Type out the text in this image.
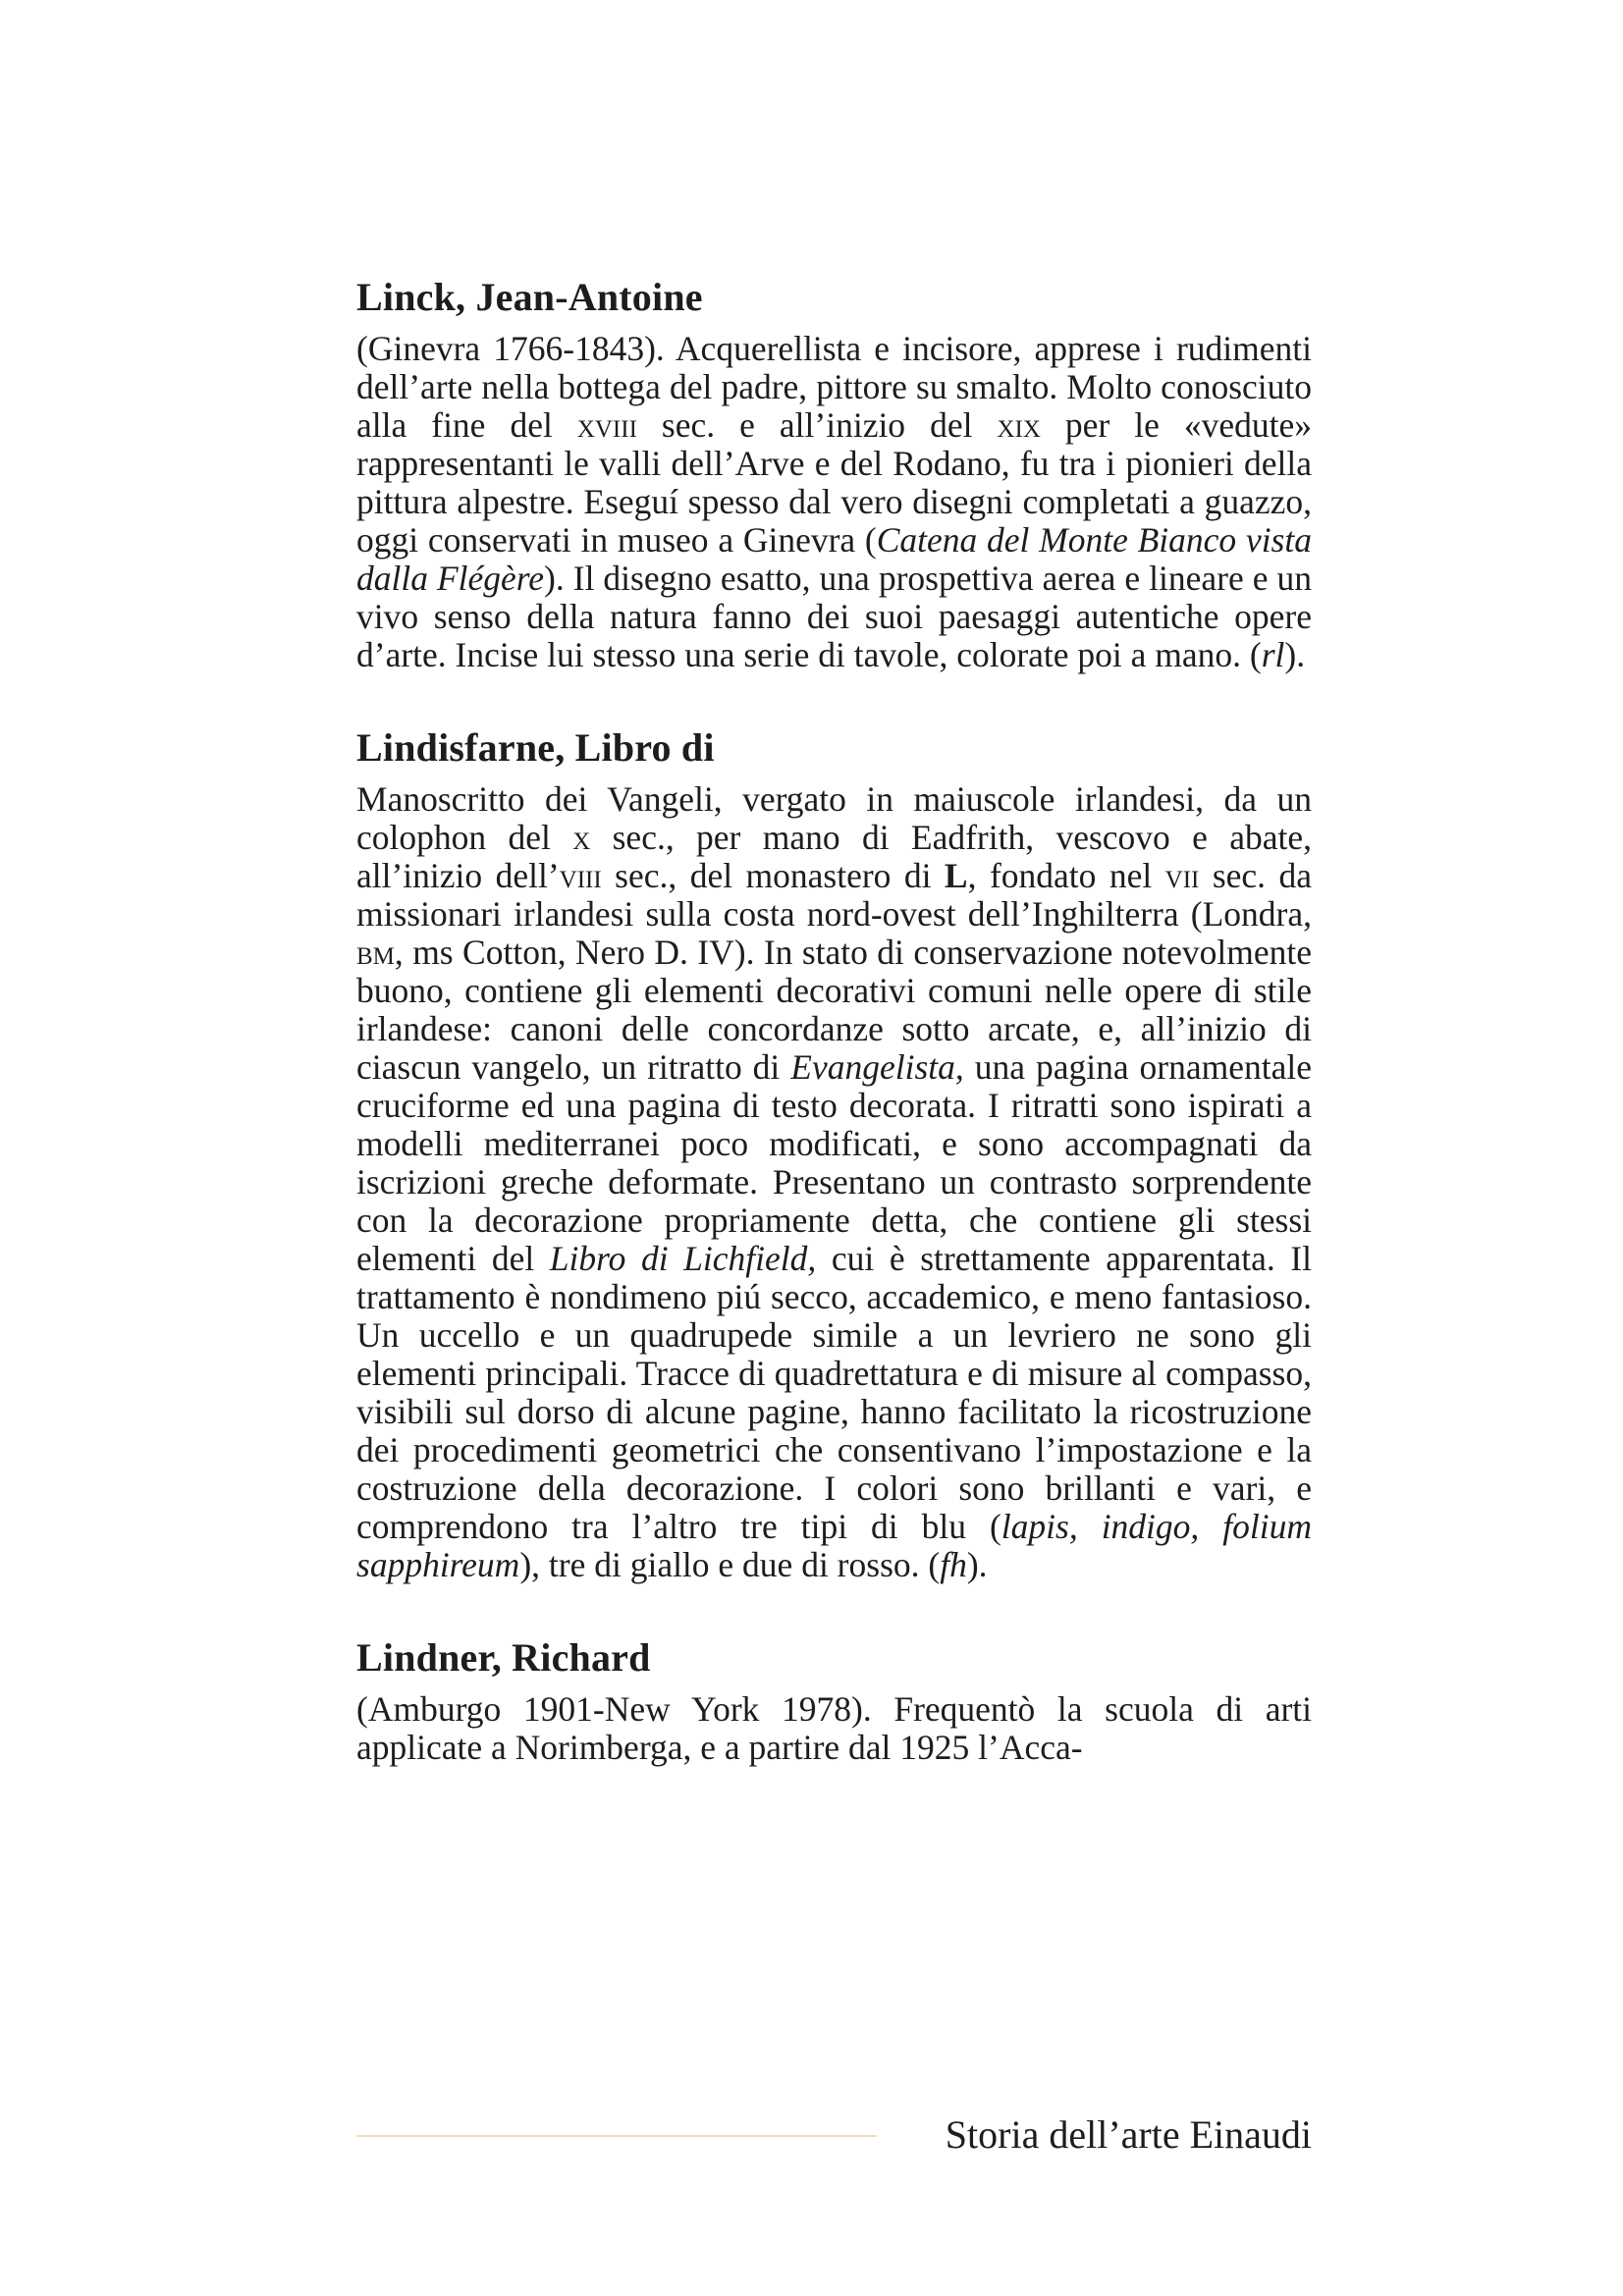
Linck, Jean-Antoine

(Ginevra 1766-1843). Acquerellista e incisore, apprese i rudimenti dell’arte nella bottega del padre, pittore su smalto. Molto conosciuto alla fine del xviii sec. e all’inizio del xix per le «vedute» rappresentanti le valli dell’Arve e del Rodano, fu tra i pionieri della pittura alpestre. Eseguí spesso dal vero disegni completati a guazzo, oggi conservati in museo a Ginevra (Catena del Monte Bianco vista dalla Flégère). Il disegno esatto, una prospettiva aerea e lineare e un vivo senso della natura fanno dei suoi paesaggi autentiche opere d’arte. Incise lui stesso una serie di tavole, colorate poi a mano. (rl).

Lindisfarne, Libro di

Manoscritto dei Vangeli, vergato in maiuscole irlandesi, da un colophon del x sec., per mano di Eadfrith, vescovo e abate, all’inizio dell’viii sec., del monastero di L, fondato nel vii sec. da missionari irlandesi sulla costa nord-ovest dell’Inghilterra (Londra, bm, ms Cotton, Nero D. IV). In stato di conservazione notevolmente buono, contiene gli elementi decorativi comuni nelle opere di stile irlandese: canoni delle concordanze sotto arcate, e, all’inizio di ciascun vangelo, un ritratto di Evangelista, una pagina ornamentale cruciforme ed una pagina di testo decorata. I ritratti sono ispirati a modelli mediterranei poco modificati, e sono accompagnati da iscrizioni greche deformate. Presentano un contrasto sorprendente con la decorazione propriamente detta, che contiene gli stessi elementi del Libro di Lichfield, cui è strettamente apparentata. Il trattamento è nondimeno piú secco, accademico, e meno fantasioso. Un uccello e un quadrupede simile a un levriero ne sono gli elementi principali. Tracce di quadrettatura e di misure al compasso, visibili sul dorso di alcune pagine, hanno facilitato la ricostruzione dei procedimenti geometrici che consentivano l’impostazione e la costruzione della decorazione. I colori sono brillanti e vari, e comprendono tra l’altro tre tipi di blu (lapis, indigo, folium sapphireum), tre di giallo e due di rosso. (fh).

Lindner, Richard

(Amburgo 1901-New York 1978). Frequentò la scuola di arti applicate a Norimberga, e a partire dal 1925 l’Acca-

Storia dell’arte Einaudi
